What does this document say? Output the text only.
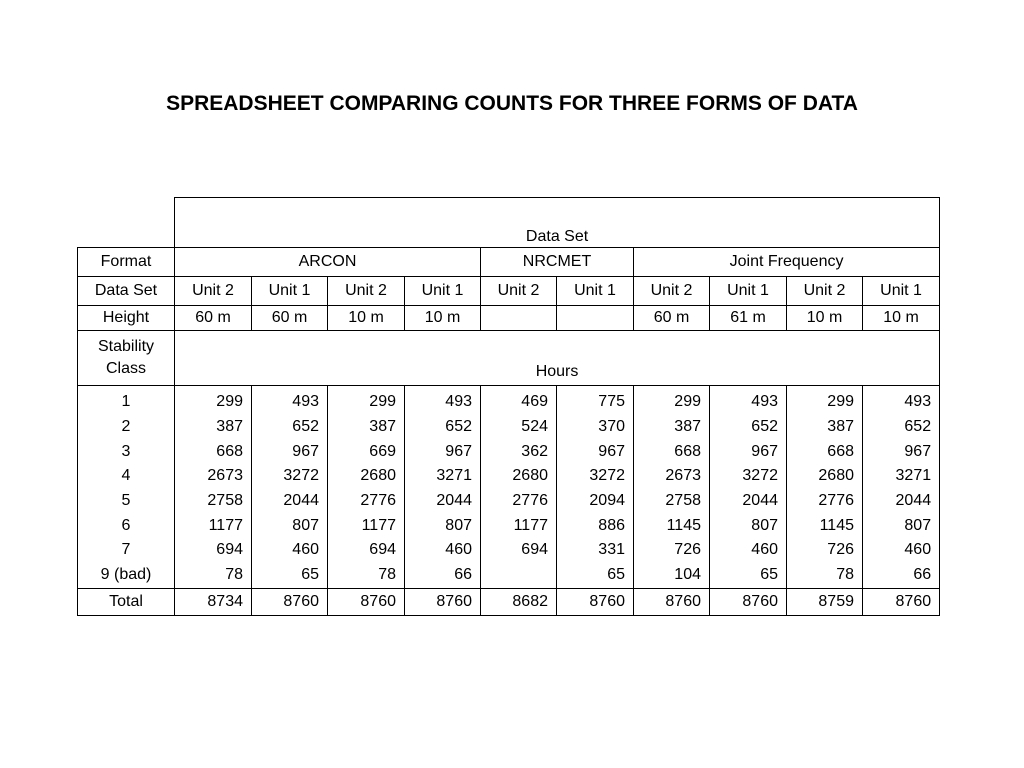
SPREADSHEET COMPARING COUNTS FOR THREE FORMS OF DATA
	Data Set									
Format	ARCON				NRCMET		Joint Frequency			
Data Set	Unit 2	Unit 1	Unit 2	Unit 1	Unit 2	Unit 1	Unit 2	Unit 1	Unit 2	Unit 1
Height	60 m	60 m	10 m	10 m			60 m	61 m	10 m	10 m

Stability
Class	Hours									
1	299	493	299	493	469	775	299	493	299	493
2	387	652	387	652	524	370	387	652	387	652
3	668	967	669	967	362	967	668	967	668	967
4	2673	3272	2680	3271	2680	3272	2673	3272	2680	3271
5	2758	2044	2776	2044	2776	2094	2758	2044	2776	2044
6	1177	807	1177	807	1177	886	1145	807	1145	807
7	694	460	694	460	694	331	726	460	726	460
9 (bad)	78	65	78	66		65	104	65	78	66
Total	8734	8760	8760	8760	8682	8760	8760	8760	8759	8760
